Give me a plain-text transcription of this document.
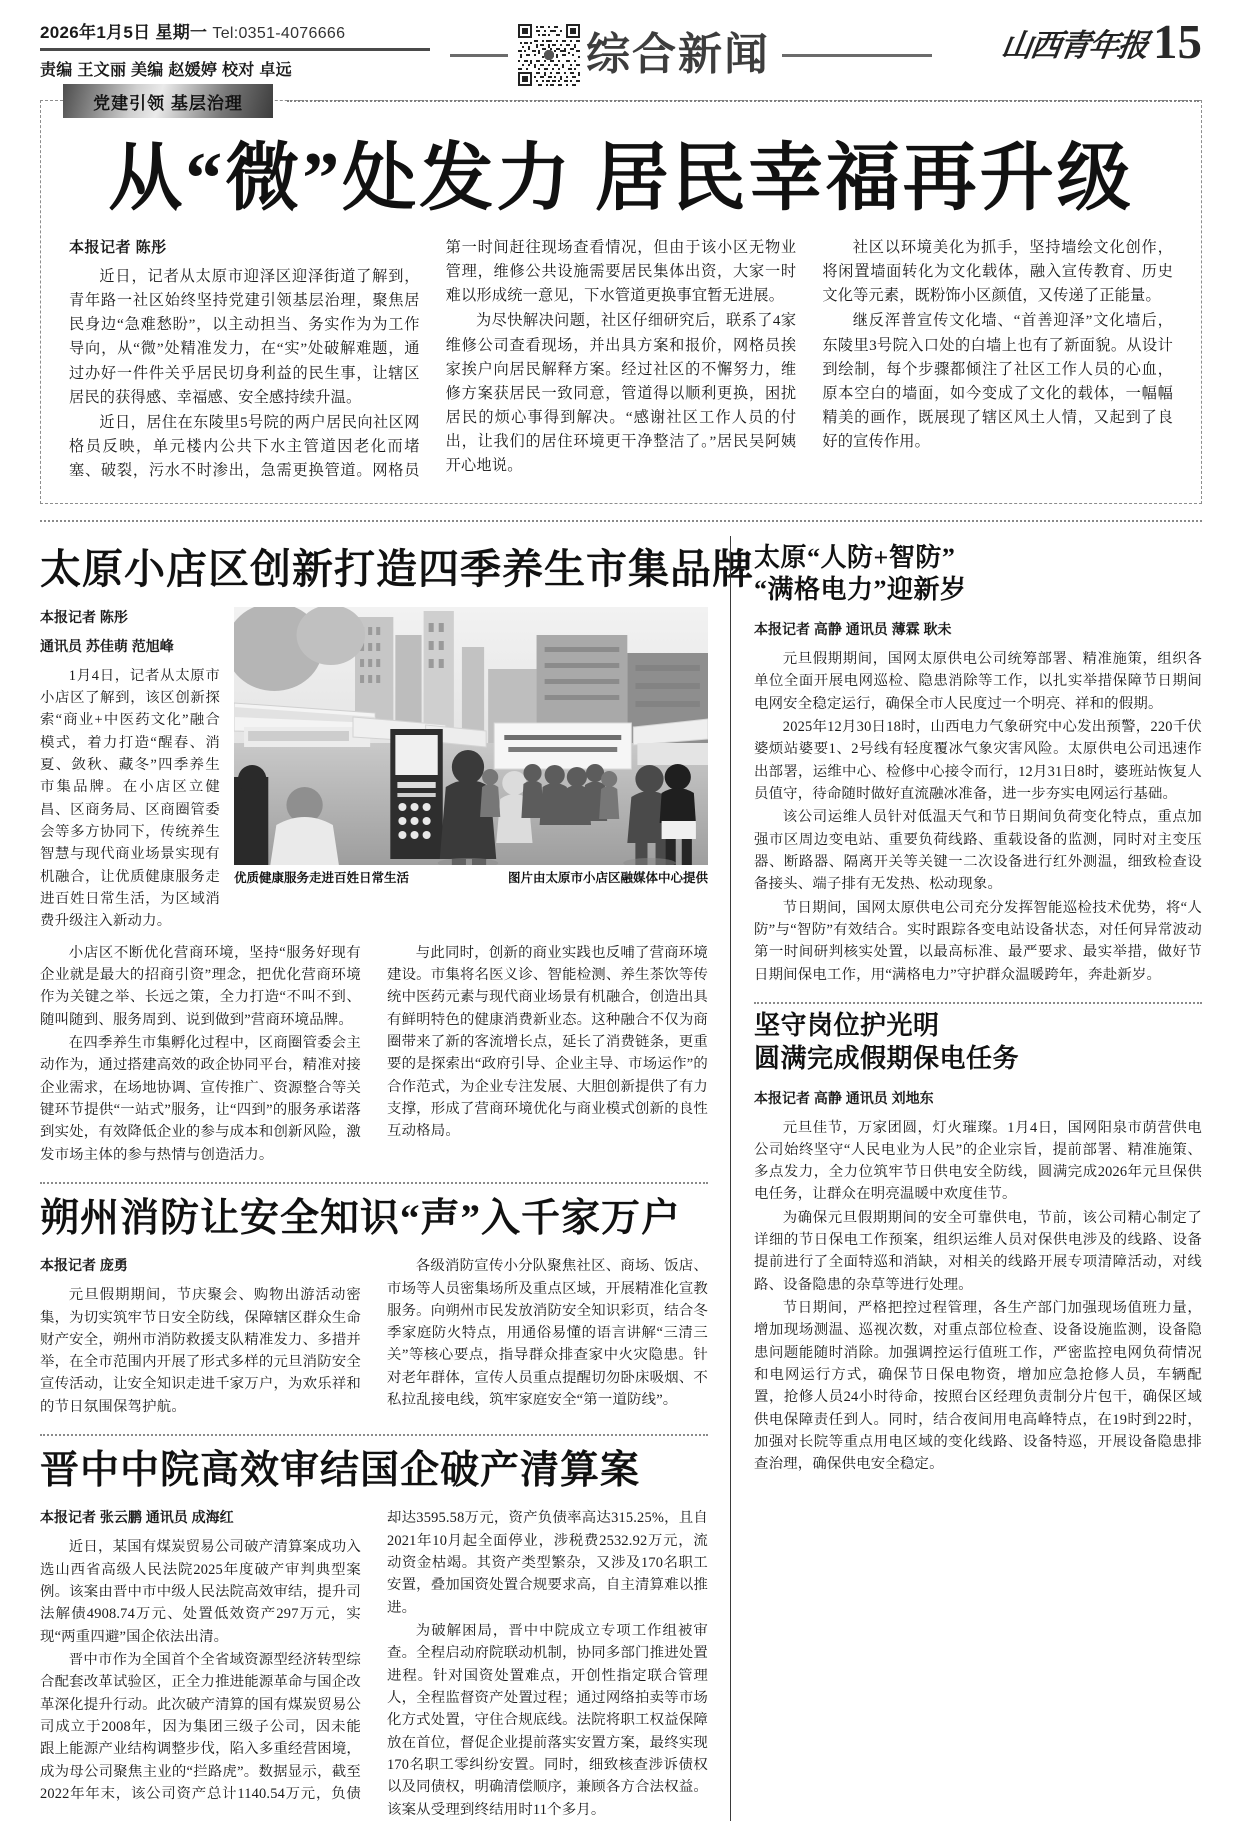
2026年1月5日 星期一 Tel:0351-4076666
责编 王文丽 美编 赵媛婷 校对 卓远	综合新闻	山西青年报 15
党建引领 基层治理
从“微”处发力 居民幸福再升级
本报记者 陈彤

近日，记者从太原市迎泽区迎泽街道了解到，青年路一社区始终坚持党建引领基层治理，聚焦居民身边“急难愁盼”，以主动担当、务实作为为工作导向，从“微”处精准发力，在“实”处破解难题，通过办好一件件关乎居民切身利益的民生事，让辖区居民的获得感、幸福感、安全感持续升温。

近日，居住在东陵里5号院的两户居民向社区网格员反映，单元楼内公共下水主管道因老化而堵塞、破裂，污水不时渗出，急需更换管道。网格员第一时间赶往现场查看情况，但由于该小区无物业管理，维修公共设施需要居民集体出资，大家一时难以形成统一意见，下水管道更换事宜暂无进展。

为尽快解决问题，社区仔细研究后，联系了4家维修公司查看现场，并出具方案和报价，网格员挨家挨户向居民解释方案。经过社区的不懈努力，维修方案获居民一致同意，管道得以顺利更换，困扰居民的烦心事得到解决。“感谢社区工作人员的付出，让我们的居住环境更干净整洁了。”居民吴阿姨开心地说。

社区以环境美化为抓手，坚持墙绘文化创作，将闲置墙面转化为文化载体，融入宣传教育、历史文化等元素，既粉饰小区颜值，又传递了正能量。

继反浑普宣传文化墙、“首善迎泽”文化墙后，东陵里3号院入口处的白墙上也有了新面貌。从设计到绘制，每个步骤都倾注了社区工作人员的心血，原本空白的墙面，如今变成了文化的载体，一幅幅精美的画作，既展现了辖区风土人情，又起到了良好的宣传作用。

太原小店区创新打造四季养生市集品牌
本报记者 陈彤
通讯员 苏佳萌 范旭峰

1月4日，记者从太原市小店区了解到，该区创新探索“商业+中医药文化”融合模式，着力打造“醒春、消夏、敛秋、藏冬”四季养生市集品牌。在小店区立健昌、区商务局、区商圈管委会等多方协同下，传统养生智慧与现代商业场景实现有机融合，让优质健康服务走进百姓日常生活，为区域消费升级注入新动力。

优质健康服务走进百姓日常生活	图片由太原市小店区融媒体中心提供

小店区不断优化营商环境，坚持“服务好现有企业就是最大的招商引资”理念，把优化营商环境作为关键之举、长远之策，全力打造“不叫不到、随叫随到、服务周到、说到做到”营商环境品牌。

在四季养生市集孵化过程中，区商圈管委会主动作为，通过搭建高效的政企协同平台，精准对接企业需求，在场地协调、宣传推广、资源整合等关键环节提供“一站式”服务，让“四到”的服务承诺落到实处，有效降低企业的参与成本和创新风险，激发市场主体的参与热情与创造活力。

与此同时，创新的商业实践也反哺了营商环境建设。市集将名医义诊、智能检测、养生茶饮等传统中医药元素与现代商业场景有机融合，创造出具有鲜明特色的健康消费新业态。这种融合不仅为商圈带来了新的客流增长点，延长了消费链条，更重要的是探索出“政府引导、企业主导、市场运作”的合作范式，为企业专注发展、大胆创新提供了有力支撑，形成了营商环境优化与商业模式创新的良性互动格局。

朔州消防让安全知识“声”入千家万户
本报记者 庞勇

元旦假期期间，节庆聚会、购物出游活动密集，为切实筑牢节日安全防线，保障辖区群众生命财产安全，朔州市消防救援支队精准发力、多措并举，在全市范围内开展了形式多样的元旦消防安全宣传活动，让安全知识走进千家万户，为欢乐祥和的节日氛围保驾护航。

各级消防宣传小分队聚焦社区、商场、饭店、市场等人员密集场所及重点区域，开展精准化宣教服务。向朔州市民发放消防安全知识彩页，结合冬季家庭防火特点，用通俗易懂的语言讲解“三清三关”等核心要点，指导群众排查家中火灾隐患。针对老年群体，宣传人员重点提醒切勿卧床吸烟、不私拉乱接电线，筑牢家庭安全“第一道防线”。

晋中中院高效审结国企破产清算案
本报记者 张云鹏 通讯员 成海红

近日，某国有煤炭贸易公司破产清算案成功入选山西省高级人民法院2025年度破产审判典型案例。该案由晋中市中级人民法院高效审结，提升司法解债4908.74万元、处置低效资产297万元，实现“两重四避”国企依法出清。

晋中市作为全国首个全省域资源型经济转型综合配套改革试验区，正全力推进能源革命与国企改革深化提升行动。此次破产清算的国有煤炭贸易公司成立于2008年，因为集团三级子公司，因未能跟上能源产业结构调整步伐，陷入多重经营困境，成为母公司聚焦主业的“拦路虎”。数据显示，截至2022年年末，该公司资产总计1140.54万元，负债却达3595.58万元，资产负债率高达315.25%，且自2021年10月起全面停业，涉税费2532.92万元，流动资金枯竭。其资产类型繁杂，又涉及170名职工安置，叠加国资处置合规要求高，自主清算难以推进。

为破解困局，晋中中院成立专项工作组被审查。全程启动府院联动机制，协同多部门推进处置进程。针对国资处置难点，开创性指定联合管理人，全程监督资产处置过程；通过网络拍卖等市场化方式处置，守住合规底线。法院将职工权益保障放在首位，督促企业提前落实安置方案，最终实现170名职工零纠纷安置。同时，细致核查涉诉债权以及同债权，明确清偿顺序，兼顾各方合法权益。该案从受理到终结用时11个多月。

太原“人防+智防”
“满格电力”迎新岁
本报记者 高静 通讯员 薄霖 耿未

元旦假期期间，国网太原供电公司统筹部署、精准施策，组织各单位全面开展电网巡检、隐患消除等工作，以扎实举措保障节日期间电网安全稳定运行，确保全市人民度过一个明亮、祥和的假期。

2025年12月30日18时，山西电力气象研究中心发出预警，220千伏婆烦站婆要1、2号线有轻度覆冰气象灾害风险。太原供电公司迅速作出部署，运维中心、检修中心接令而行，12月31日8时，婆班站恢复人员值守，待命随时做好直流融冰准备，进一步夯实电网运行基础。

该公司运维人员针对低温天气和节日期间负荷变化特点，重点加强市区周边变电站、重要负荷线路、重载设备的监测，同时对主变压器、断路器、隔离开关等关键一二次设备进行红外测温，细致检查设备接头、端子排有无发热、松动现象。

节日期间，国网太原供电公司充分发挥智能巡检技术优势，将“人防”与“智防”有效结合。实时跟踪各变电站设备状态，对任何异常波动第一时间研判核实处置，以最高标准、最严要求、最实举措，做好节日期间保电工作，用“满格电力”守护群众温暖跨年，奔赴新岁。

坚守岗位护光明
圆满完成假期保电任务
本报记者 高静 通讯员 刘地东

元旦佳节，万家团圆，灯火璀璨。1月4日，国网阳泉市荫营供电公司始终坚守“人民电业为人民”的企业宗旨，提前部署、精准施策、多点发力，全力位筑牢节日供电安全防线，圆满完成2026年元旦保供电任务，让群众在明亮温暖中欢度佳节。

为确保元旦假期期间的安全可靠供电，节前，该公司精心制定了详细的节日保电工作预案，组织运维人员对保供电涉及的线路、设备提前进行了全面特巡和消缺，对相关的线路开展专项清障活动，对线路、设备隐患的杂草等进行处理。

节日期间，严格把控过程管理，各生产部门加强现场值班力量，增加现场测温、巡视次数，对重点部位检查、设备设施监测，设备隐患问题能随时消除。加强调控运行值班工作，严密监控电网负荷情况和电网运行方式，确保节日保电物资，增加应急抢修人员，车辆配置，抢修人员24小时待命，按照台区经理负责制分片包干，确保区域供电保障责任到人。同时，结合夜间用电高峰特点，在19时到22时，加强对长院等重点用电区域的变化线路、设备特巡，开展设备隐患排查治理，确保供电安全稳定。
